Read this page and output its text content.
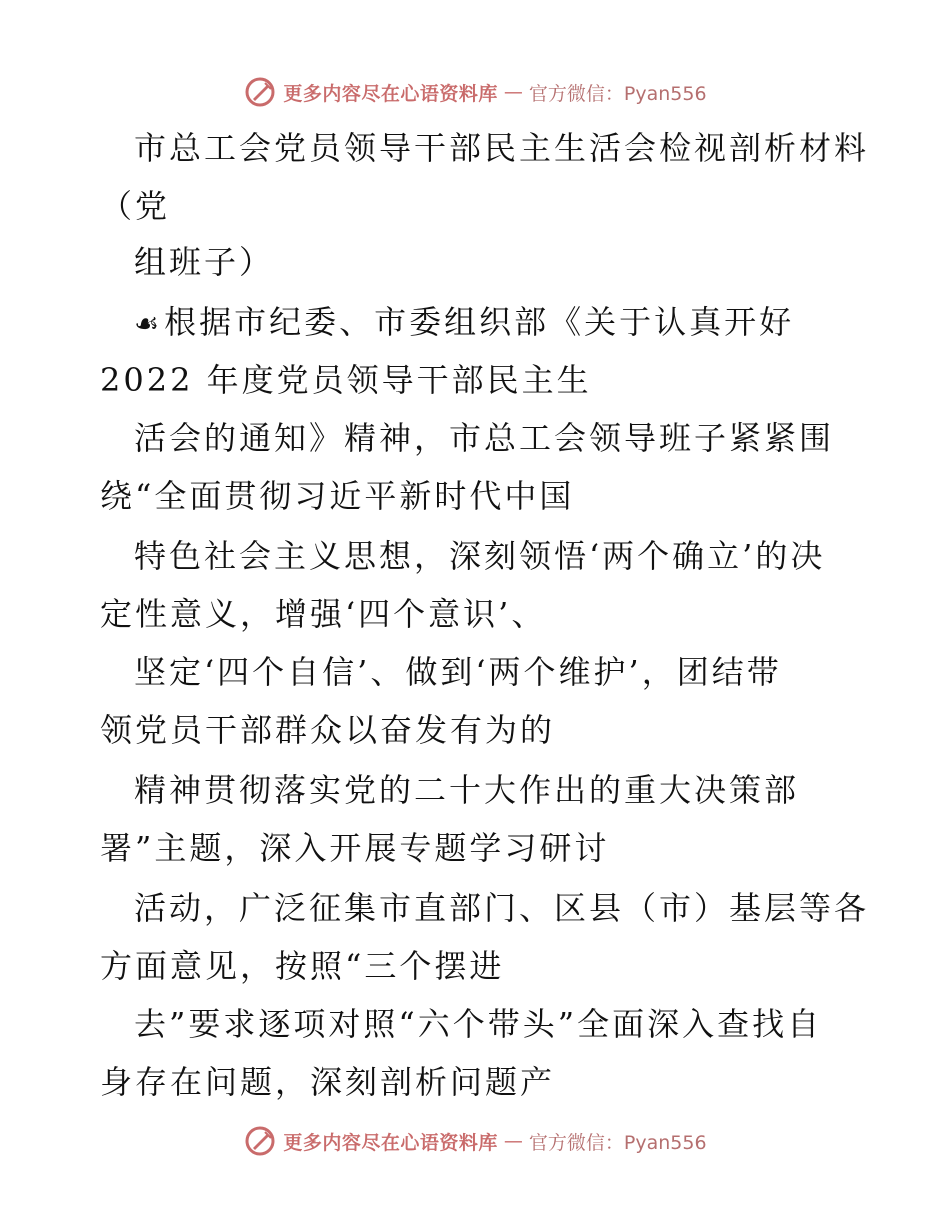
更多内容尽在心语资料库 — 官方微信：Pyan556
市总工会党员领导干部民主生活会检视剖析材料
（党
组班子）
☙根据市纪委、市委组织部《关于认真开好
2022 年度党员领导干部民主生
活会的通知》精神，市总工会领导班子紧紧围
绕“全面贯彻习近平新时代中国
特色社会主义思想，深刻领悟‘两个确立’的决
定性意义，增强‘四个意识’、
坚定‘四个自信’、做到‘两个维护’，团结带
领党员干部群众以奋发有为的
精神贯彻落实党的二十大作出的重大决策部
署”主题，深入开展专题学习研讨
活动，广泛征集市直部门、区县（市）基层等各
方面意见，按照“三个摆进
去”要求逐项对照“六个带头”全面深入查找自
身存在问题，深刻剖析问题产
更多内容尽在心语资料库 — 官方微信：Pyan556
